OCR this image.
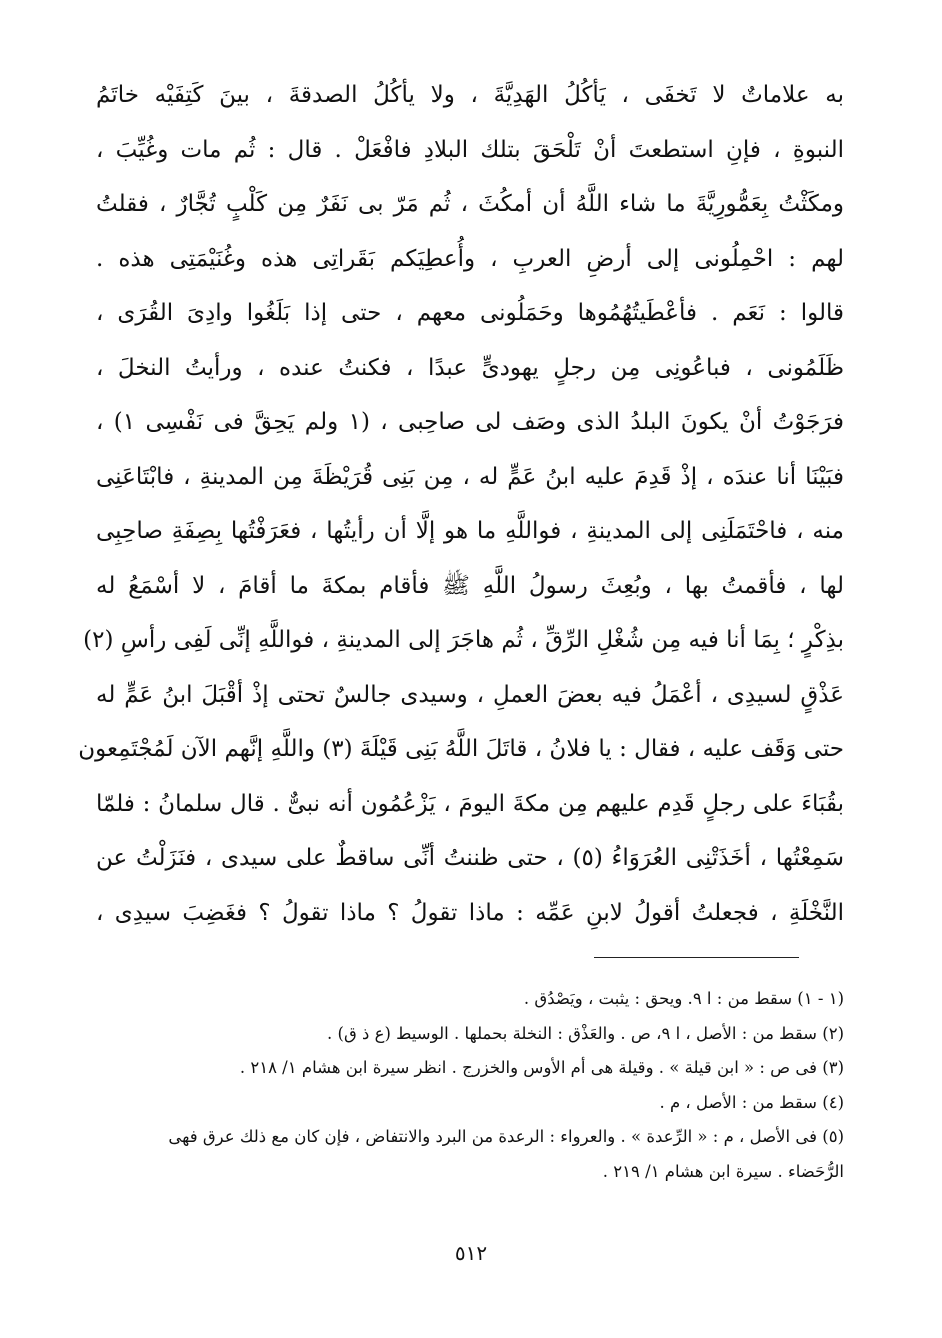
به علاماتٌ لا تَخفَى ، يَأكُلُ الهَدِيَّةَ ، ولا يأكُلُ الصدقةَ ، بينَ كَتِفَيْه خاتَمُ
النبوةِ ، فإنِ استطعتَ أنْ تَلْحَقَ بتلك البلادِ فافْعَلْ . قال : ثُم مات وغُيِّبَ ،
ومكَثْتُ بِعَمُّورِيَّةَ ما شاء اللَّهُ أن أمكُثَ ، ثُم مَرّ بى نَفَرٌ مِن كَلْبٍ تُجَّارٌ ، فقلتُ
لهم : احْمِلُونى إلى أرضِ العربِ ، وأُعطِيَكم بَقَراتِى هذه وغُنَيْمَتِى هذه .
قالوا : نَعَم . فأعْطَيتُهُمُوها وحَمَلُونى معهم ، حتى إذا بَلَغُوا وادِىَ القُرَى ،
ظَلَمُونى ، فباعُونِى مِن رجلٍ يهودىٍّ عبدًا ، فكنتُ عنده ، ورأيتُ النخلَ ،
فرَجَوْتُ أنْ يكونَ البلدُ الذى وصَف لى صاحِبى ، (١ ولم يَحِقَّ فى نَفْسِى ١) ،
فبَيْنَا أنا عندَه ، إذْ قَدِمَ عليه ابنُ عَمٍّ له ، مِن بَنِى قُرَيْظَةَ مِن المدينةِ ، فابْتَاعَنِى
منه ، فاحْتَمَلَنِى إلى المدينةِ ، فواللَّهِ ما هو إلَّا أن رأيتُها ، فعَرَفْتُها بِصِفَةِ صاحِبِى
لها ، فأقمتُ بها ، وبُعِثَ رسولُ اللَّهِ ﷺ فأقام بمكةَ ما أقامَ ، لا أسْمَعُ له
بذِكْرٍ ؛ بِمَا أنا فيه مِن شُغْلِ الرِّقِّ ، ثُم هاجَرَ إلى المدينةِ ، فواللَّهِ إنِّى لَفِى رأسِ (٢)
عَذْقٍ لسيدِى ، أعْمَلُ فيه بعضَ العملِ ، وسيدى جالسٌ تحتى إذْ أقْبَلَ ابنُ عَمٍّ له
حتى وَقَف عليه ، فقال : يا فلانُ ، قاتَلَ اللَّهُ بَنِى قَيْلَةَ (٣) واللَّهِ إنَّهم الآن لَمُجْتَمِعون
بقُبَاءَ على رجلٍ قَدِم عليهم مِن مكةَ اليومَ ، يَزْعُمُون أنه نبىٌّ . قال سلمانُ : فلمّا
سَمِعْتُها ، أخَذَتْنِى العُرَوَاءُ (٥) ، حتى ظننتُ أنِّى ساقطٌ على سيدى ، فنَزَلْتُ عن
النَّخْلَةِ ، فجعلتُ أقولُ لابنِ عَمِّه : ماذا تقولُ ؟ ماذا تقولُ ؟ فغَضِبَ سيدِى ،
(١ - ١) سقط من : ا ٩. ويحق : يثبت ، ويَصْدُق .
(٢) سقط من : الأصل ، ا ٩، ص . والعَذْق : النخلة بحملها . الوسيط (ع ذ ق) .
(٣) فى ص : « ابن قيلة » . وقيلة هى أم الأوس والخزرج . انظر سيرة ابن هشام ١/ ٢١٨ .
(٤) سقط من : الأصل ، م .
(٥) فى الأصل ، م : « الرِّعدة » . والعرواء : الرعدة من البرد والانتفاض ، فإن كان مع ذلك عرق فهى
الرُّحَضاء . سيرة ابن هشام ١/ ٢١٩ .
٥١٢
